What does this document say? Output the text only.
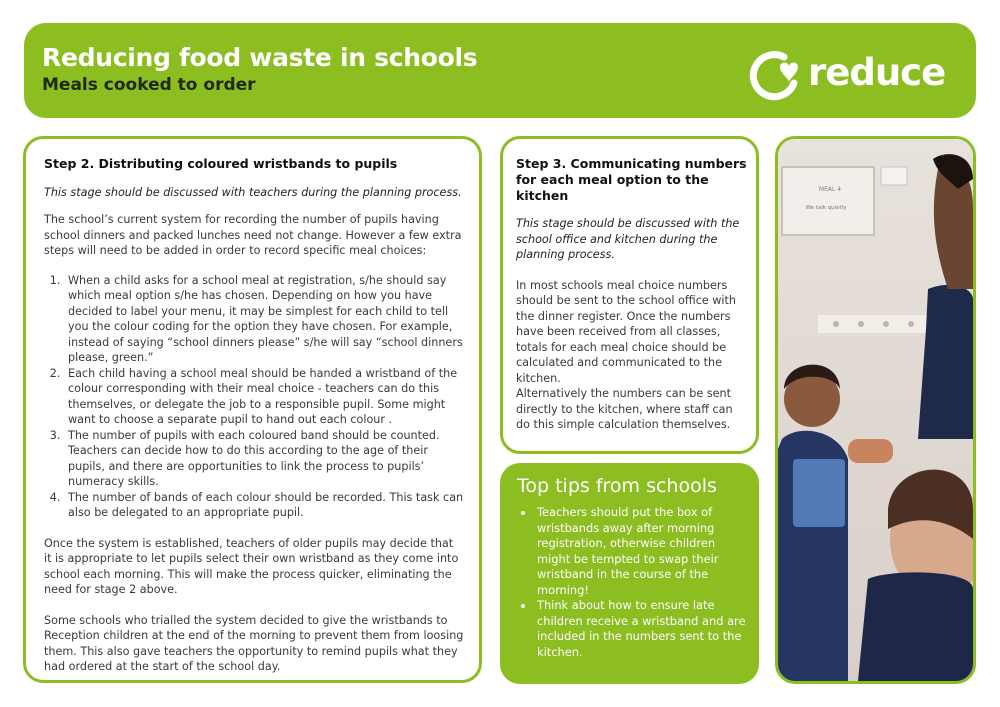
Reducing food waste in schools
Meals cooked to order	reduce

Step 2. Distributing coloured wristbands to pupils

This stage should be discussed with teachers during the planning process.

The school’s current system for recording the number of pupils having school dinners and packed lunches need not change. However a few extra steps will need to be added in order to record specific meal choices:

1. When a child asks for a school meal at registration, s/he should say which meal option s/he has chosen. Depending on how you have decided to label your menu, it may be simplest for each child to tell you the colour coding for the option they have chosen. For example, instead of saying “school dinners please” s/he will say “school dinners please, green.”
2. Each child having a school meal should be handed a wristband of the colour corresponding with their meal choice - teachers can do this themselves, or delegate the job to a responsible pupil. Some might want to choose a separate pupil to hand out each colour .
3. The number of pupils with each coloured band should be counted. Teachers can decide how to do this according to the age of their pupils, and there are opportunities to link the process to pupils’ numeracy skills.
4. The number of bands of each colour should be recorded. This task can also be delegated to an appropriate pupil.

Once the system is established, teachers of older pupils may decide that it is appropriate to let pupils select their own wristband as they come into school each morning. This will make the process quicker, eliminating the need for stage 2 above.

Some schools who trialled the system decided to give the wristbands to Reception children at the end of the morning to prevent them from loosing them. This also gave teachers the opportunity to remind pupils what they had ordered at the start of the school day.

Step 3. Communicating numbers for each meal option to the kitchen

This stage should be discussed with the school office and kitchen during the planning process.

In most schools meal choice numbers should be sent to the school office with the dinner register. Once the numbers have been received from all classes, totals for each meal choice should be calculated and communicated to the kitchen.

Alternatively the numbers can be sent directly to the kitchen, where staff can do this simple calculation themselves.

Top tips from schools

• Teachers should put the box of wristbands away after morning registration, otherwise children might be tempted to swap their wristband in the course of the morning!
• Think about how to ensure late children receive a wristband and are included in the numbers sent to the kitchen.
MEAL 4
We talk quietly
